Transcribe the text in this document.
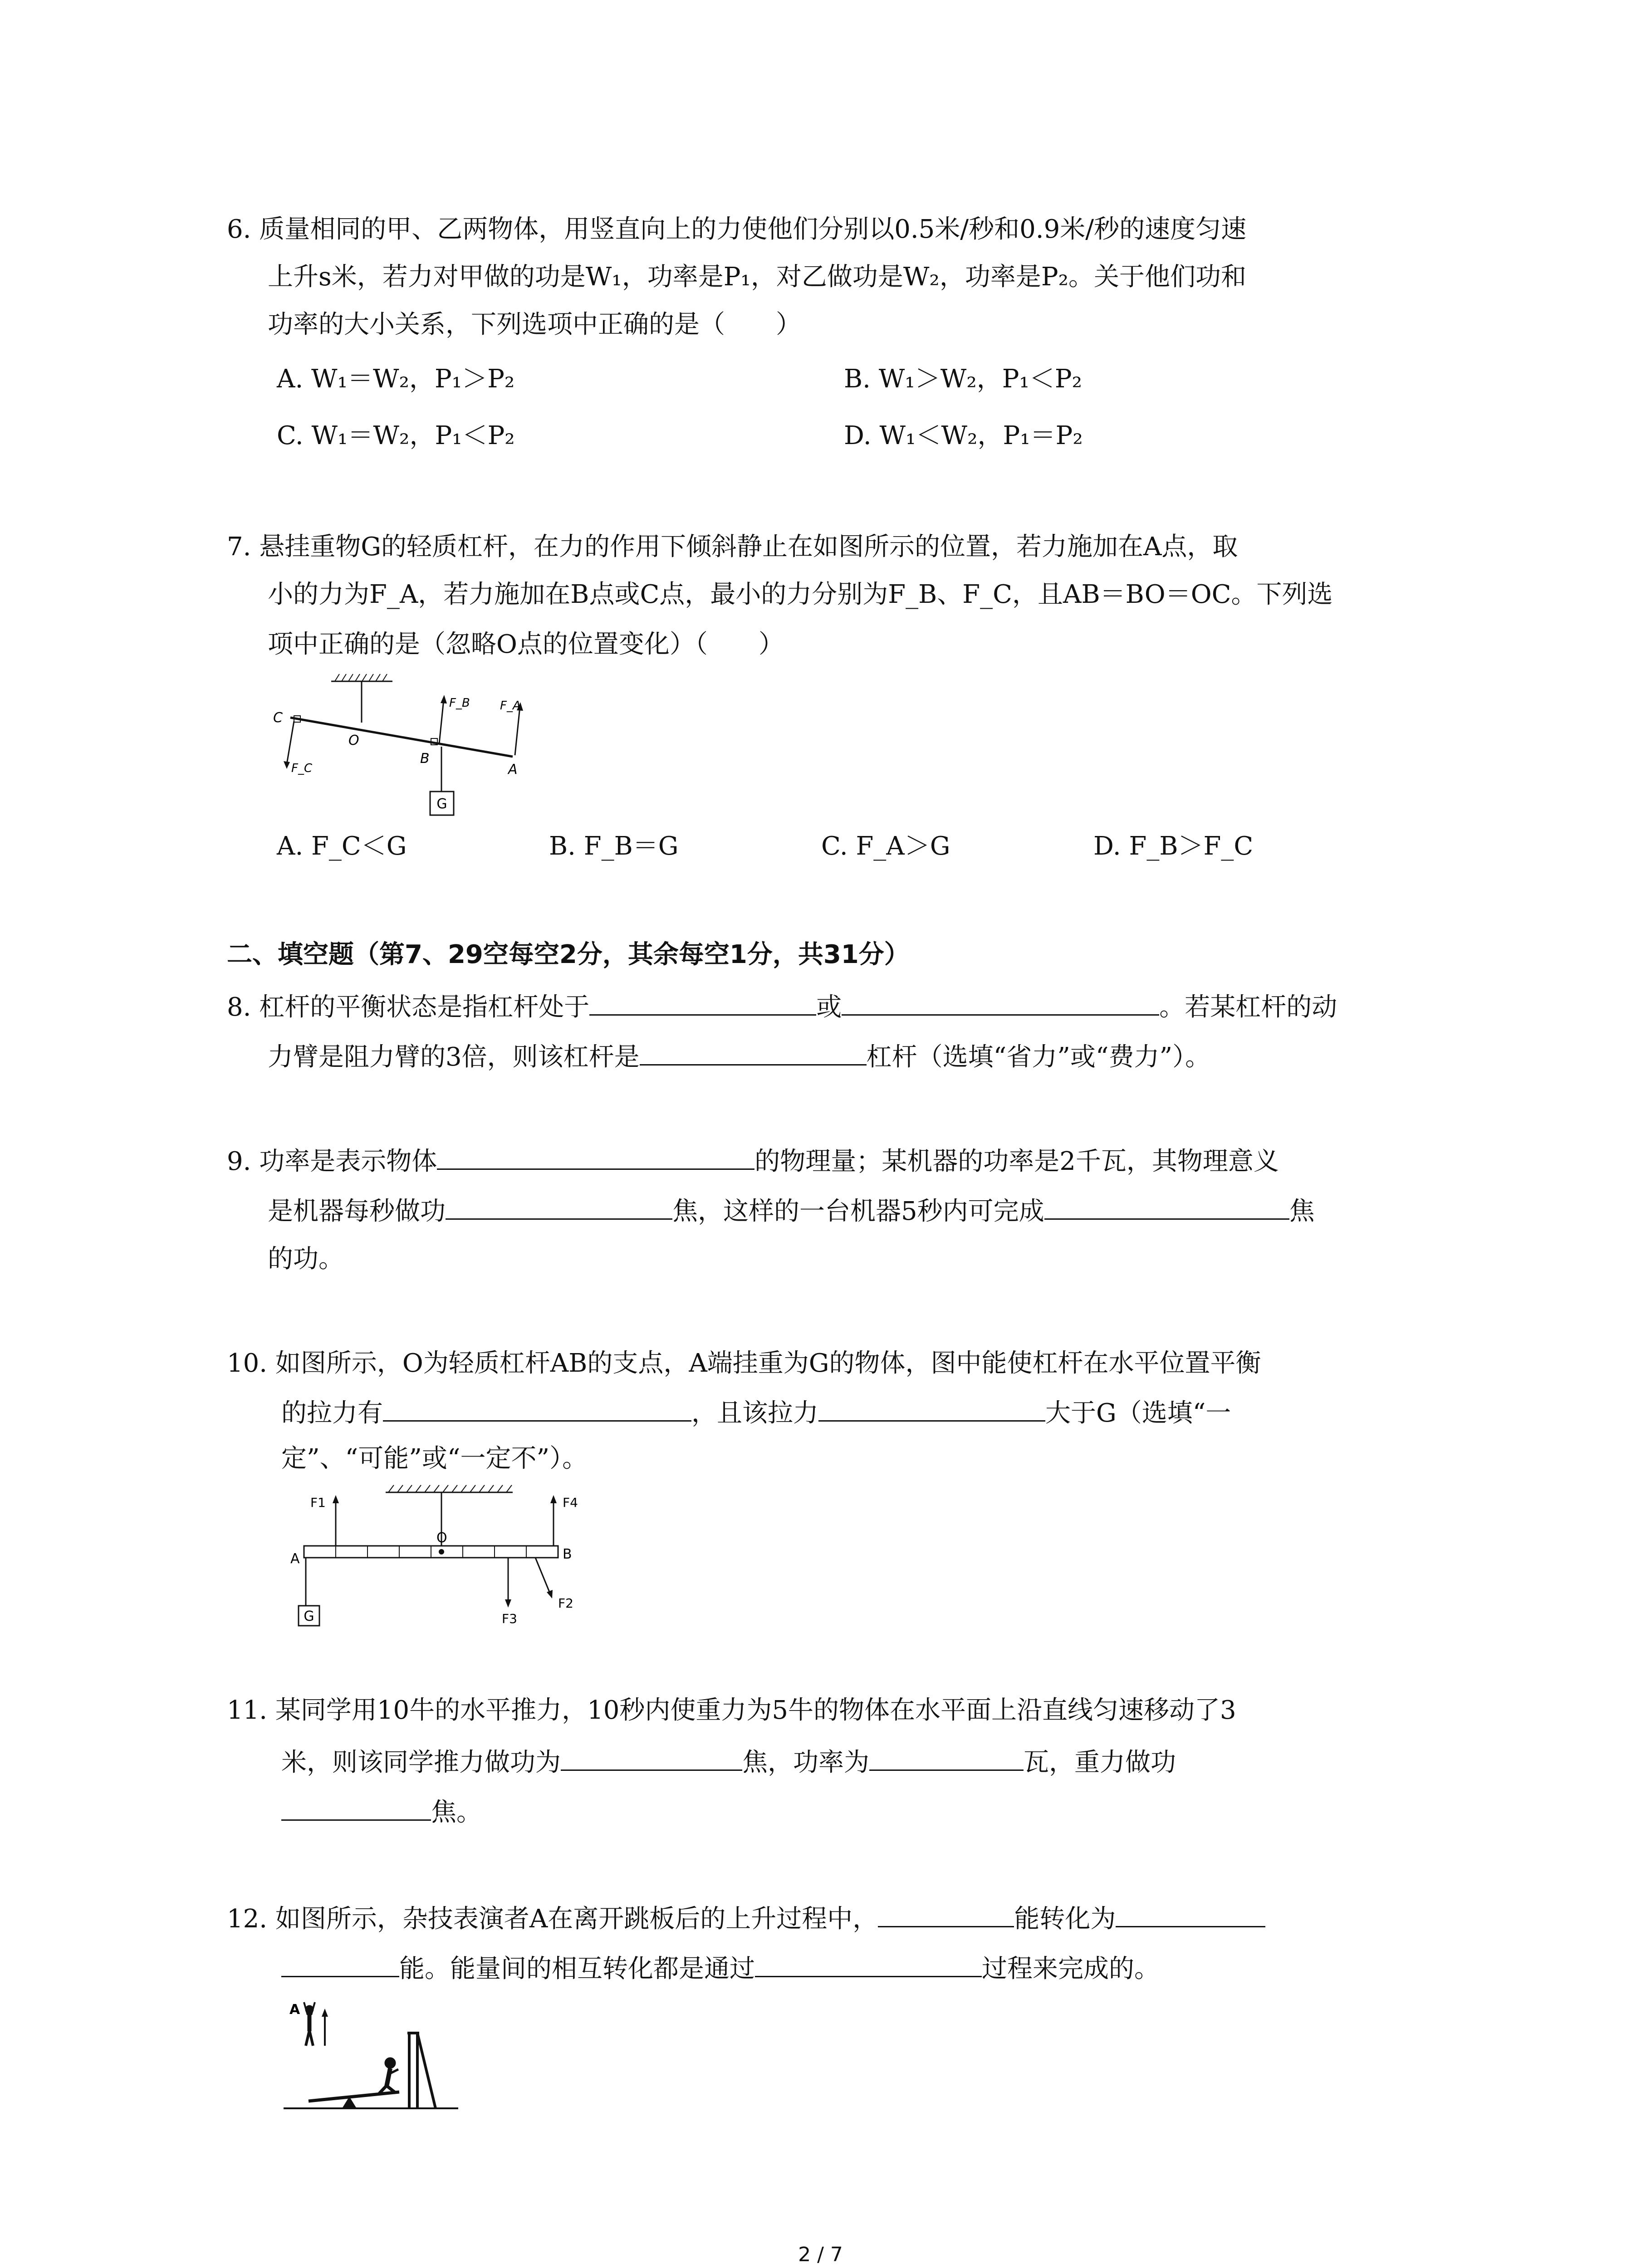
6. 质量相同的甲、乙两物体，用竖直向上的力使他们分别以0.5米/秒和0.9米/秒的速度匀速
上升s米，若力对甲做的功是W₁，功率是P₁，对乙做功是W₂，功率是P₂。关于他们功和
功率的大小关系，下列选项中正确的是（　　）
A. W₁＝W₂，P₁＞P₂	B. W₁＞W₂，P₁＜P₂
C. W₁＝W₂，P₁＜P₂	D. W₁＜W₂，P₁＝P₂
7. 悬挂重物G的轻质杠杆，在力的作用下倾斜静止在如图所示的位置，若力施加在A点，取
小的力为F_A，若力施加在B点或C点，最小的力分别为F_B、F_C，且AB＝BO＝OC。下列选
项中正确的是（忽略O点的位置变化）（　　）
G
C
O
B
A
F_B	F_A
F_C
A. F_C＜G	B. F_B＝G	C. F_A＞G	D. F_B＞F_C
二、填空题（第7、29空每空2分，其余每空1分，共31分）
8. 杠杆的平衡状态是指杠杆处于	或	。若某杠杆的动
力臂是阻力臂的3倍，则该杠杆是	杠杆（选填“省力”或“费力”）。
9. 功率是表示物体	的物理量；某机器的功率是2千瓦，其物理意义
是机器每秒做功	焦，这样的一台机器5秒内可完成	焦
的功。
10. 如图所示，O为轻质杠杆AB的支点，A端挂重为G的物体，图中能使杠杆在水平位置平衡
的拉力有	，且该拉力	大于G（选填“一
定”、“可能”或“一定不”）。
G
F1	F4
O
A	B
F3
F2
11. 某同学用10牛的水平推力，10秒内使重力为5牛的物体在水平面上沿直线匀速移动了3
米，则该同学推力做功为	焦，功率为	瓦，重力做功
焦。
12. 如图所示，杂技表演者A在离开跳板后的上升过程中，	能转化为
能。能量间的相互转化都是通过	过程来完成的。
A
2 / 7
